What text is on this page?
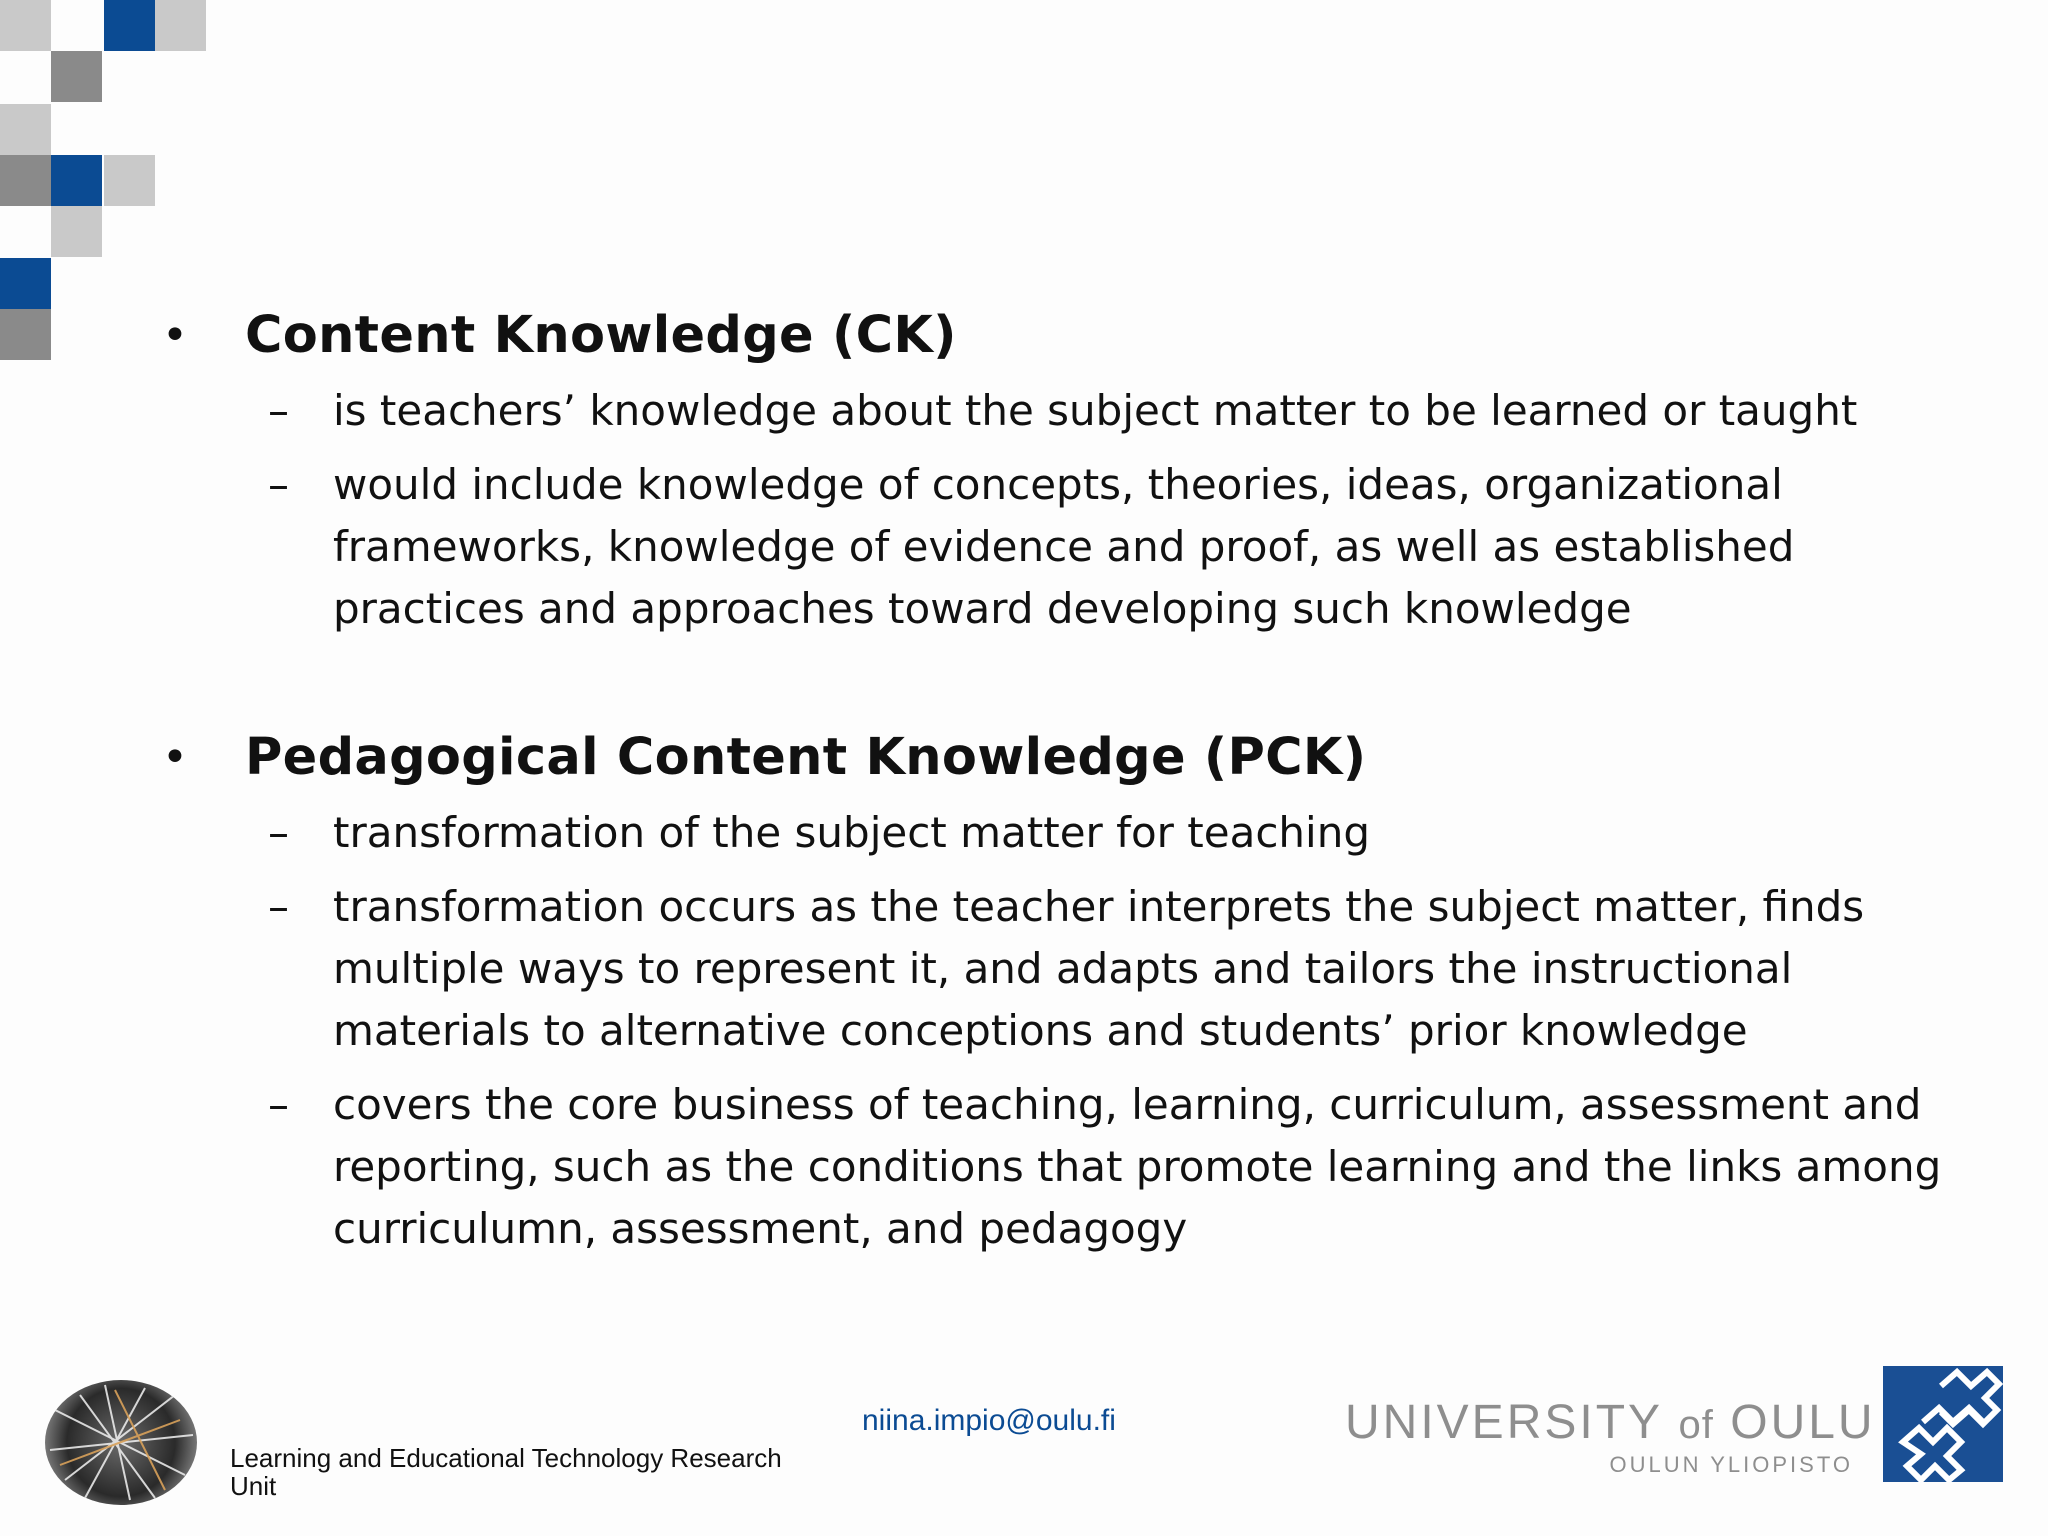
• Content Knowledge (CK)
– is teachers’ knowledge about the subject matter to be learned or taught
– would include knowledge of concepts, theories, ideas, organizational frameworks, knowledge of evidence and proof, as well as established practices and approaches toward developing such knowledge
• Pedagogical Content Knowledge (PCK)
– transformation of the subject matter for teaching
– transformation occurs as the teacher interprets the subject matter, finds multiple ways to represent it, and adapts and tailors the instructional materials to alternative conceptions and students’ prior knowledge
– covers the core business of teaching, learning, curriculum, assessment and reporting, such as the conditions that promote learning and the links among curriculumn, assessment, and pedagogy
Learning and Educational Technology Research Unit
niina.impio@oulu.fi	UNIVERSITY of OULU
OULUN YLIOPISTO
